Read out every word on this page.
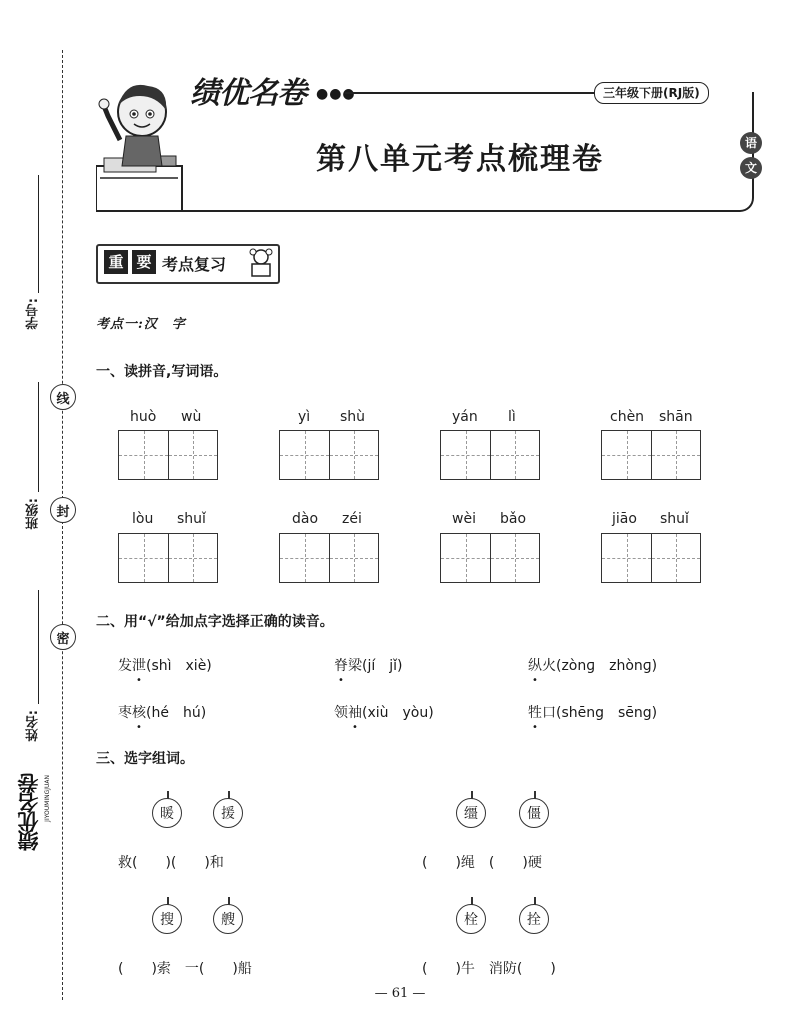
学号:
班级:
姓名:
线
封
密
绩优名卷 JIYOUMINGJUAN
绩优名卷 ●●●	三年级下册(RJ版)
第八单元考点梳理卷	语
文
重 要 考点复习
考点一:汉　字
一、读拼音,写词语。
huò wù	yì shù	yán lì	chèn shān
lòu shuǐ	dào zéi	wèi bǎo	jiāo shuǐ
二、用“√”给加点字选择正确的读音。
发泄(shì　xiè)	脊梁(jí　jǐ)	纵火(zònɡ　zhònɡ)
枣核(hé　hú)	领袖(xiù　yòu)	牲口(shēng　sēng)
三、选字组词。
暖	援	缰	僵
救(　　)(　　)和	(　　)绳　(　　)硬
搜	艘	栓	拴
(　　)索　一(　　)船	(　　)牛　消防(　　)
— 61 —
